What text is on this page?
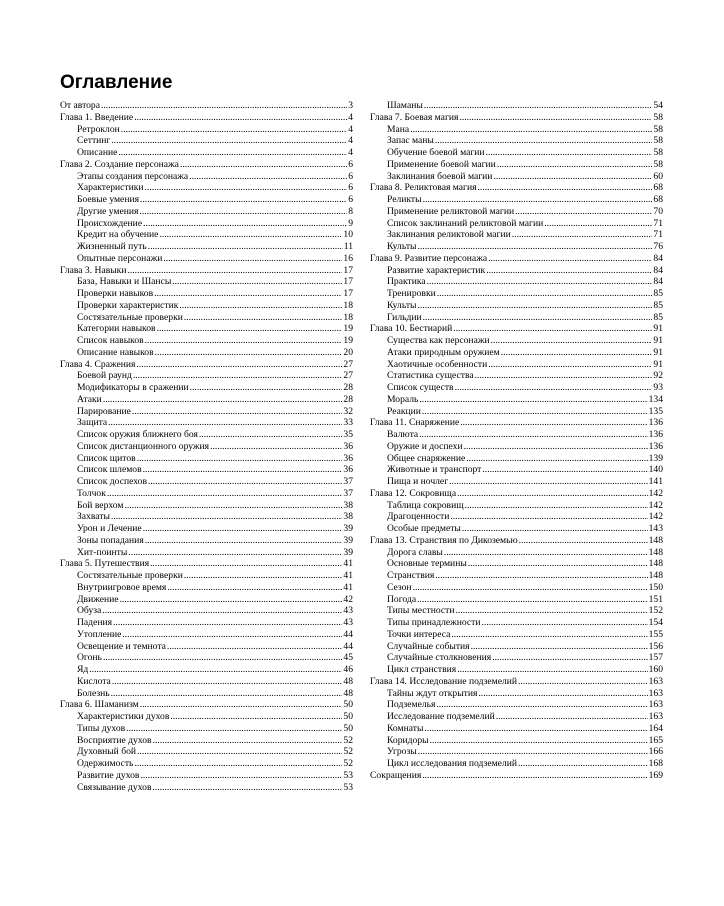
Оглавление
От автора .....	3
Глава 1. Введение .....	4
Ретроклон .....	4
Сеттинг .....	4
Описание .....	4
Глава 2. Создание персонажа .....	6
Этапы создания персонажа .....	6
Характеристики .....	6
Боевые умения .....	6
Другие умения .....	8
Происхождение .....	9
Кредит на обучение .....	10
Жизненный путь .....	11
Опытные персонажи .....	16
Глава 3. Навыки .....	17
База, Навыки и Шансы .....	17
Проверки навыков .....	17
Проверки характеристик .....	18
Состязательные проверки .....	18
Категории навыков .....	19
Список навыков .....	19
Описание навыков .....	20
Глава 4. Сражения .....	27
Боевой раунд .....	27
Модификаторы в сражении .....	28
Атаки .....	28
Парирование .....	32
Защита .....	33
Список оружия ближнего боя .....	35
Список дистанционного оружия .....	36
Список щитов .....	36
Список шлемов .....	36
Список доспехов .....	37
Толчок .....	37
Бой верхом .....	38
Захваты .....	38
Урон и Лечение .....	39
Зоны попадания .....	39
Хит-поинты .....	39
Глава 5. Путешествия .....	41
Состязательные проверки .....	41
Внутриигровое время .....	41
Движение .....	42
Обуза .....	43
Падения .....	43
Утопление .....	44
Освещение и темнота .....	44
Огонь .....	45
Яд .....	46
Кислота .....	48
Болезнь .....	48
Глава 6. Шаманизм .....	50
Характеристики духов .....	50
Типы духов .....	50
Восприятие духов .....	52
Духовный бой .....	52
Одержимость .....	52
Развитие духов .....	53
Связывание духов .....	53
Шаманы .....	54
Глава 7. Боевая магия .....	58
Мана .....	58
Запас маны .....	58
Обучение боевой магии .....	58
Применение боевой магии .....	58
Заклинания боевой магии .....	60
Глава 8. Реликтовая магия .....	68
Реликты .....	68
Применение реликтовой магии .....	70
Список заклинаний реликтовой магии .....	71
Заклинания реликтовой магии .....	71
Культы .....	76
Глава 9. Развитие персонажа .....	84
Развитие характеристик .....	84
Практика .....	84
Тренировки .....	85
Культы .....	85
Гильдии .....	85
Глава 10. Бестиарий .....	91
Существа как персонажи .....	91
Атаки природным оружием .....	91
Хаотичные особенности .....	91
Статистика существа .....	92
Список существ .....	93
Мораль .....	134
Реакции .....	135
Глава 11. Снаряжение .....	136
Валюта .....	136
Оружие и доспехи .....	136
Общее снаряжение .....	139
Животные и транспорт .....	140
Пища и ночлег .....	141
Глава 12. Сокровища .....	142
Таблица сокровищ .....	142
Драгоценности .....	142
Особые предметы .....	143
Глава 13. Странствия по Дикоземью .....	148
Дорога славы .....	148
Основные термины .....	148
Странствия .....	148
Сезон .....	150
Погода .....	151
Типы местности .....	152
Типы принадлежности .....	154
Точки интереса .....	155
Случайные события .....	156
Случайные столкновения .....	157
Цикл странствия .....	160
Глава 14. Исследование подземелий .....	163
Тайны ждут открытия .....	163
Подземелья .....	163
Исследование подземелий .....	163
Комнаты .....	164
Коридоры .....	165
Угрозы .....	166
Цикл исследования подземелий .....	168
Сокращения .....	169
